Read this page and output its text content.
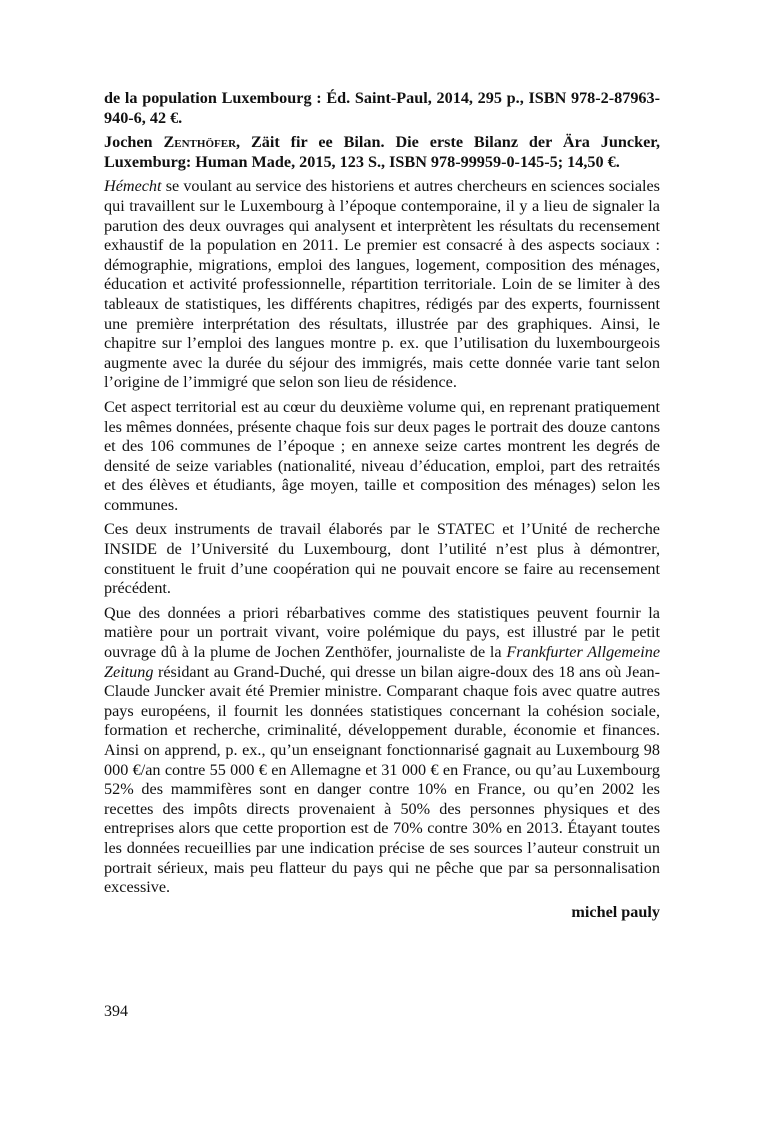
de la population Luxembourg : Éd. Saint-Paul, 2014, 295 p., ISBN 978-2-87963-940-6, 42 €.

Jochen Zenthöfer, Zäit fir ee Bilan. Die erste Bilanz der Ära Juncker, Luxemburg: Human Made, 2015, 123 S., ISBN 978-99959-0-145-5; 14,50 €.

Hémecht se voulant au service des historiens et autres chercheurs en sciences sociales qui travaillent sur le Luxembourg à l’époque contemporaine, il y a lieu de signaler la parution des deux ouvrages qui analysent et interprètent les résultats du recensement exhaustif de la population en 2011. Le premier est consacré à des aspects sociaux : démographie, migrations, emploi des langues, logement, composition des ménages, éducation et activité professionnelle, répartition territoriale. Loin de se limiter à des tableaux de statistiques, les différents chapitres, rédigés par des experts, fournissent une première interprétation des résultats, illustrée par des graphiques. Ainsi, le chapitre sur l’emploi des langues montre p. ex. que l’utilisation du luxembourgeois augmente avec la durée du séjour des immigrés, mais cette donnée varie tant selon l’origine de l’immigré que selon son lieu de résidence.

Cet aspect territorial est au cœur du deuxième volume qui, en reprenant pratiquement les mêmes données, présente chaque fois sur deux pages le portrait des douze cantons et des 106 communes de l’époque ; en annexe seize cartes montrent les degrés de densité de seize variables (nationalité, niveau d’éducation, emploi, part des retraités et des élèves et étudiants, âge moyen, taille et composition des ménages) selon les communes.

Ces deux instruments de travail élaborés par le STATEC et l’Unité de recherche INSIDE de l’Université du Luxembourg, dont l’utilité n’est plus à démontrer, constituent le fruit d’une coopération qui ne pouvait encore se faire au recensement précédent.

Que des données a priori rébarbatives comme des statistiques peuvent fournir la matière pour un portrait vivant, voire polémique du pays, est illustré par le petit ouvrage dû à la plume de Jochen Zenthöfer, journaliste de la Frankfurter Allgemeine Zeitung résidant au Grand-Duché, qui dresse un bilan aigre-doux des 18 ans où Jean-Claude Juncker avait été Premier ministre. Comparant chaque fois avec quatre autres pays européens, il fournit les données statistiques concernant la cohésion sociale, formation et recherche, criminalité, développement durable, économie et finances. Ainsi on apprend, p. ex., qu’un enseignant fonctionnarisé gagnait au Luxembourg 98 000 €/an contre 55 000 € en Allemagne et 31 000 € en France, ou qu’au Luxembourg 52% des mammifères sont en danger contre 10% en France, ou qu’en 2002 les recettes des impôts directs provenaient à 50% des personnes physiques et des entreprises alors que cette proportion est de 70% contre 30% en 2013. Étayant toutes les données recueillies par une indication précise de ses sources l’auteur construit un portrait sérieux, mais peu flatteur du pays qui ne pêche que par sa personnalisation excessive.

michel pauly

394
